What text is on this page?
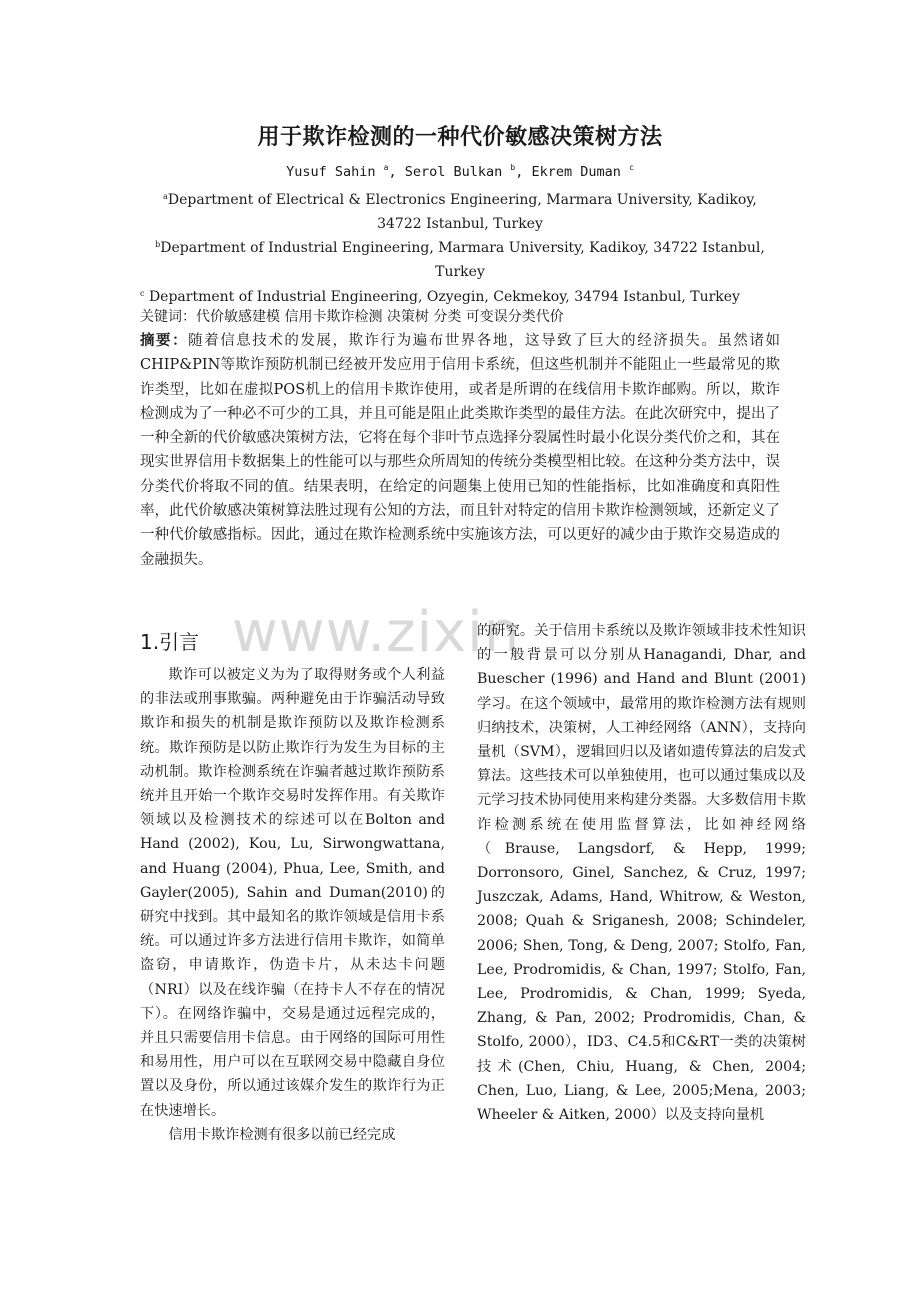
用于欺诈检测的一种代价敏感决策树方法
Yusuf Sahin $^a$, Serol Bulkan $^b$, Ekrem Duman $^c$
$^a$Department of Electrical & Electronics Engineering, Marmara University, Kadikoy, 34722 Istanbul, Turkey
$^b$Department of Industrial Engineering, Marmara University, Kadikoy, 34722 Istanbul, Turkey
$^c$ Department of Industrial Engineering, Ozyegin, Cekmekoy, 34794 Istanbul, Turkey
关键词：代价敏感建模 信用卡欺诈检测 决策树 分类 可变误分类代价
摘要：随着信息技术的发展，欺诈行为遍布世界各地，这导致了巨大的经济损失。虽然诸如CHIP&PIN等欺诈预防机制已经被开发应用于信用卡系统，但这些机制并不能阻止一些最常见的欺诈类型，比如在虚拟POS机上的信用卡欺诈使用，或者是所谓的在线信用卡欺诈邮购。所以，欺诈检测成为了一种必不可少的工具，并且可能是阻止此类欺诈类型的最佳方法。在此次研究中，提出了一种全新的代价敏感决策树方法，它将在每个非叶节点选择分裂属性时最小化误分类代价之和，其在现实世界信用卡数据集上的性能可以与那些众所周知的传统分类模型相比较。在这种分类方法中，误分类代价将取不同的值。结果表明，在给定的问题集上使用已知的性能指标，比如准确度和真阳性率，此代价敏感决策树算法胜过现有公知的方法，而且针对特定的信用卡欺诈检测领域，还新定义了一种代价敏感指标。因此，通过在欺诈检测系统中实施该方法，可以更好的减少由于欺诈交易造成的金融损失。
www.zixin
1.引言

欺诈可以被定义为为了取得财务或个人利益的非法或刑事欺骗。两种避免由于诈骗活动导致欺诈和损失的机制是欺诈预防以及欺诈检测系统。欺诈预防是以防止欺诈行为发生为目标的主动机制。欺诈检测系统在诈骗者越过欺诈预防系统并且开始一个欺诈交易时发挥作用。有关欺诈领域以及检测技术的综述可以在Bolton and Hand (2002), Kou, Lu, Sirwongwattana, and Huang (2004), Phua, Lee, Smith, and Gayler(2005), Sahin and Duman(2010)的研究中找到。其中最知名的欺诈领域是信用卡系统。可以通过许多方法进行信用卡欺诈，如简单盗窃，申请欺诈，伪造卡片，从未达卡问题（NRI）以及在线诈骗（在持卡人不存在的情况下）。在网络诈骗中，交易是通过远程完成的，并且只需要信用卡信息。由于网络的国际可用性和易用性，用户可以在互联网交易中隐藏自身位置以及身份，所以通过该媒介发生的欺诈行为正在快速增长。

信用卡欺诈检测有很多以前已经完成

的研究。关于信用卡系统以及欺诈领域非技术性知识的一般背景可以分别从Hanagandi, Dhar, and Buescher (1996) and Hand and Blunt (2001)学习。在这个领域中，最常用的欺诈检测方法有规则归纳技术，决策树，人工神经网络（ANN），支持向量机（SVM），逻辑回归以及诸如遗传算法的启发式算法。这些技术可以单独使用，也可以通过集成以及元学习技术协同使用来构建分类器。大多数信用卡欺诈检测系统在使用监督算法，比如神经网络（Brause, Langsdorf, & Hepp, 1999; Dorronsoro, Ginel, Sanchez, & Cruz, 1997; Juszczak, Adams, Hand, Whitrow, & Weston, 2008; Quah & Sriganesh, 2008; Schindeler, 2006; Shen, Tong, & Deng, 2007; Stolfo, Fan, Lee, Prodromidis, & Chan, 1997; Stolfo, Fan, Lee, Prodromidis, & Chan, 1999; Syeda, Zhang, & Pan, 2002; Prodromidis, Chan, & Stolfo, 2000），ID3、C4.5和C&RT一类的决策树技术(Chen, Chiu, Huang, & Chen, 2004; Chen, Luo, Liang, & Lee, 2005;Mena, 2003; Wheeler & Aitken, 2000）以及支持向量机
